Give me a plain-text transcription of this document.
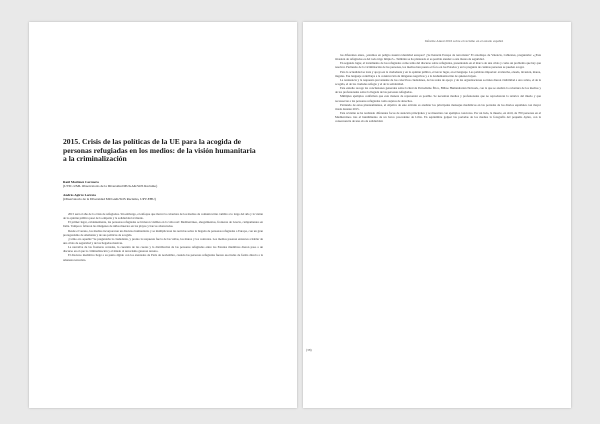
2015. Crisis de las políticas de la UE para la acogida de personas refugiadas en los medios: de la visión humanitaria a la criminalización
Raúl Martínez Corcuera
(UVIC-UML Observatorio de la Diversidad MUGAK/SOS Racismo)
Andrés Agirre Larreta
(Observatorio de la Diversidad MUGAK/SOS Racismo, UPV-EHU)

2015 será el año de la crisis de refugiados. Sin embargo, el enfoque que marcó la cobertura de los medios de comunicación cambió a lo largo del año y la visión de la opinión pública pasó de la empatía y la solidaridad al miedo.

El primer lugar, evidentemente, las personas refugiadas se hicieron visibles en la vida real: Mediterráneo, ahogamientos, fronteras de Grecia, campamentos en Italia. Tampoco faltaron las imágenes de niños muertos en las playas y barcos abarrotados.

Desde el verano, los medios incorporaron un discurso humanitario y se multiplicaron las noticias sobre la llegada de personas refugiadas a Europa, con un gran protagonismo de Alemania y de sus políticas de acogida.

¿Cómo era aquello? Se preguntaba la ciudadanía, y pronto la respuesta fue la de las vallas, los muros y los controles. Los medios pasaron entonces a hablar de una crisis de seguridad y de las llegadas masivas.

La narrativa de las fronteras cerradas, la cuestión de las cuotas y la distribución de las personas refugiadas entre los Estados miembros dieron paso a un discurso en el que la criminalización y el miedo al terrorismo ganaron terreno.

El discurso mediático llegó a su punto álgido con los atentados de París de noviembre, cuando las personas refugiadas fueron asociadas de forma directa a la amenaza terrorista.

Informe Anual 2016 sobre el racismo en el estado español
(38)

los diferentes entes, ¿estamos en peligro nuestra identidad europea? ¿Se llenarán Europa de terroristas? El arzobispo de Valencia, Cañizares, preguntaba: «¿Esta invasión de refugiados es del todo trigo limpio?». También se ha planteado si es posible atender a esta marea de seguridad.

En segundo lugar, el tratamiento de los refugiados como tema del discurso sobre refugiados, presentando en el marco de una crisis y como un problema que hay que resolver. Partiendo de la victimización de las personas, los medios han puesto el foco en los Estados y en la pregunta de cuántas personas se pueden acoger.

Para la actualidad se trata y apoya en la ciudadanía y en la opinión pública, el tercer lugar, en el lenguaje. Las palabras importan: avalancha, oleada, invasión, marea, ilegales. Ese lenguaje contribuye a la construcción de imágenes negativas y a la deshumanización de quienes huyen.

La resistencia y la respuesta proveniente de los colectivos ciudadanos, de las redes de apoyo y de las organizaciones sociales dieron visibilidad a otro relato, el de la acogida, el de las ciudades refugio y el de la solidaridad.

Este estudio recoge las conclusiones generales sobre la Red de Periodismo Ético, Bilbao Humanitarian Network, con la que se analizó la cobertura de los medios y de los profesionales sobre la llegada de las personas refugiadas.

Múltiples ejemplos confirman que esta manera de representar es posible. Se necesitan medios y profesionales que no reproduzcan la retórica del miedo y que reconozcan a las personas refugiadas como sujetos de derechos.

Partiendo de estos planteamientos, el objetivo de este artículo es analizar los principales mensajes mediáticos en las portadas de los diarios españoles con mayor tirada durante 2015.

Esta revisión se ha realizado diferentes focos de atención principales y se muestran con ejemplos concretos. Por un lado, la muerte, en abril, de 700 personas en el Mediterráneo tras el hundimiento de un barco procedente de Libia. En septiembre golpeó las portadas de los medios la fotografía del pequeño Aylan, con la consecuencia de una ola de solidaridad.
